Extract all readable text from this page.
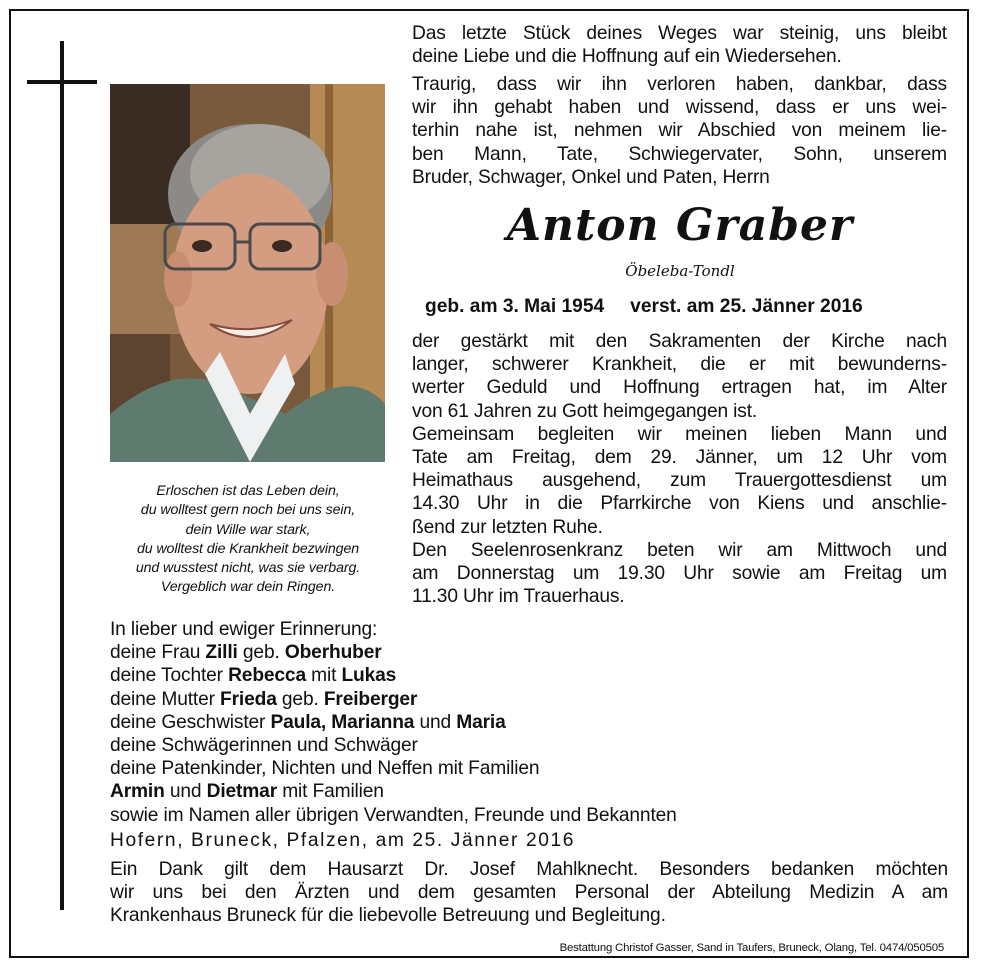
Erloschen ist das Leben dein,
du wolltest gern noch bei uns sein,
dein Wille war stark,
du wolltest die Krankheit bezwingen
und wusstest nicht, was sie verbarg.
Vergeblich war dein Ringen.
Das letzte Stück deines Weges war steinig, uns bleibt
deine Liebe und die Hoffnung auf ein Wiedersehen.
Traurig, dass wir ihn verloren haben, dankbar, dass
wir ihn gehabt haben und wissend, dass er uns wei-
terhin nahe ist, nehmen wir Abschied von meinem lie-
ben Mann, Tate, Schwiegervater, Sohn, unserem
Bruder, Schwager, Onkel und Paten, Herrn
Anton Graber
Öbeleba-Tondl
geb. am 3. Mai 1954 verst. am 25. Jänner 2016
der gestärkt mit den Sakramenten der Kirche nach
langer, schwerer Krankheit, die er mit bewunderns-
werter Geduld und Hoffnung ertragen hat, im Alter
von 61 Jahren zu Gott heimgegangen ist.
Gemeinsam begleiten wir meinen lieben Mann und
Tate am Freitag, dem 29. Jänner, um 12 Uhr vom
Heimathaus ausgehend, zum Trauergottesdienst um
14.30 Uhr in die Pfarrkirche von Kiens und anschlie-
ßend zur letzten Ruhe.
Den Seelenrosenkranz beten wir am Mittwoch und
am Donnerstag um 19.30 Uhr sowie am Freitag um
11.30 Uhr im Trauerhaus.
In lieber und ewiger Erinnerung:
deine Frau Zilli geb. Oberhuber
deine Tochter Rebecca mit Lukas
deine Mutter Frieda geb. Freiberger
deine Geschwister Paula, Marianna und Maria
deine Schwägerinnen und Schwäger
deine Patenkinder, Nichten und Neffen mit Familien
Armin und Dietmar mit Familien
sowie im Namen aller übrigen Verwandten, Freunde und Bekannten
Hofern, Bruneck, Pfalzen, am 25. Jänner 2016
Ein Dank gilt dem Hausarzt Dr. Josef Mahlknecht. Besonders bedanken möchten
wir uns bei den Ärzten und dem gesamten Personal der Abteilung Medizin A am
Krankenhaus Bruneck für die liebevolle Betreuung und Begleitung.
Bestattung Christof Gasser, Sand in Taufers, Bruneck, Olang, Tel. 0474/050505
